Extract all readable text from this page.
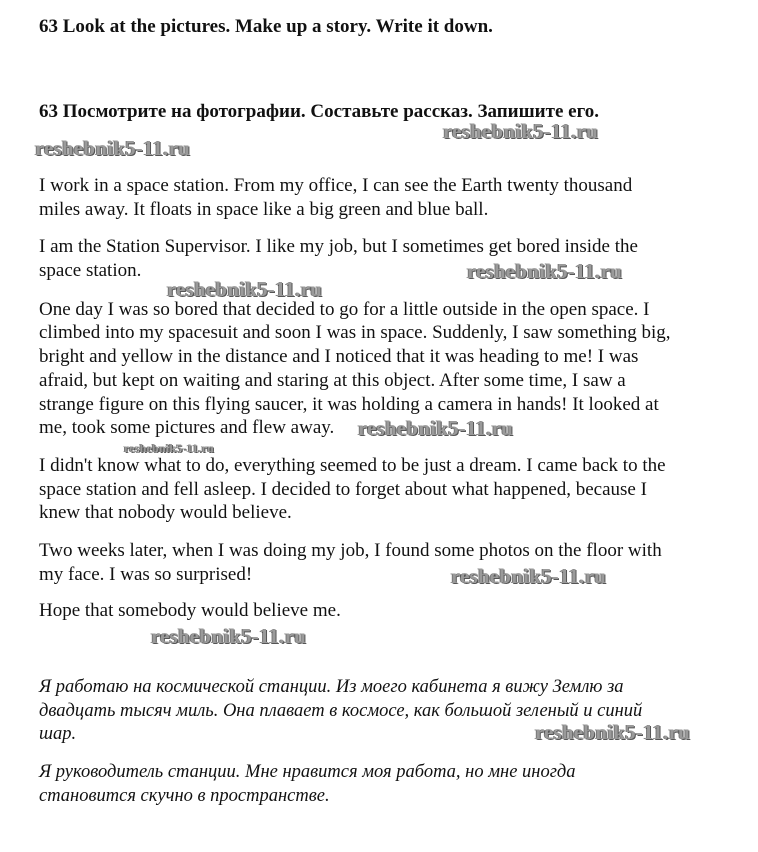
63 Look at the pictures. Make up a story. Write it down.
63 Посмотрите на фотографии. Составьте рассказ. Запишите его.
I work in a space station. From my office, I can see the Earth twenty thousand
miles away. It floats in space like a big green and blue ball.
I am the Station Supervisor. I like my job, but I sometimes get bored inside the
space station.
One day I was so bored that decided to go for a little outside in the open space. I
climbed into my spacesuit and soon I was in space. Suddenly, I saw something big,
bright and yellow in the distance and I noticed that it was heading to me! I was
afraid, but kept on waiting and staring at this object. After some time, I saw a
strange figure on this flying saucer, it was holding a camera in hands! It looked at
me, took some pictures and flew away.
I didn't know what to do, everything seemed to be just a dream. I came back to the
space station and fell asleep. I decided to forget about what happened, because I
knew that nobody would believe.
Two weeks later, when I was doing my job, I found some photos on the floor with
my face. I was so surprised!
Hope that somebody would believe me.
Я работаю на космической станции. Из моего кабинета я вижу Землю за
двадцать тысяч миль. Она плавает в космосе, как большой зеленый и синий
шар.
Я руководитель станции. Мне нравится моя работа, но мне иногда
становится скучно в пространстве.
reshebnik5-11.ru
reshebnik5-11.ru
reshebnik5-11.ru
reshebnik5-11.ru
reshebnik5-11.ru
reshebnik5-11.ru
reshebnik5-11.ru
reshebnik5-11.ru
reshebnik5-11.ru
